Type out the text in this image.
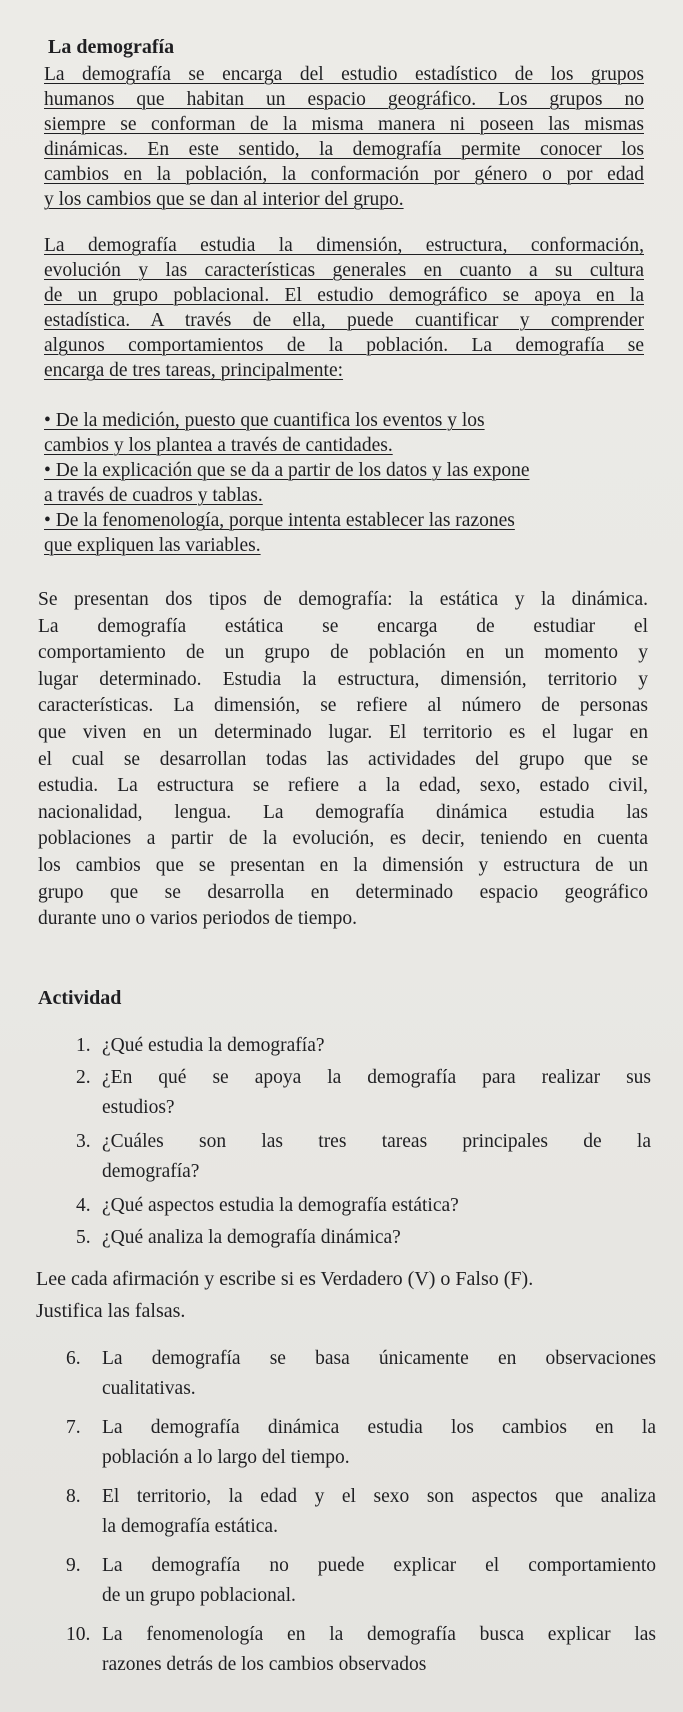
La demografía
La demografía se encarga del estudio estadístico de los grupos
humanos que habitan un espacio geográfico. Los grupos no
siempre se conforman de la misma manera ni poseen las mismas
dinámicas. En este sentido, la demografía permite conocer los
cambios en la población, la conformación por género o por edad
y los cambios que se dan al interior del grupo.
La demografía estudia la dimensión, estructura, conformación,
evolución y las características generales en cuanto a su cultura
de un grupo poblacional. El estudio demográfico se apoya en la
estadística. A través de ella, puede cuantificar y comprender
algunos comportamientos de la población. La demografía se
encarga de tres tareas, principalmente:
• De la medición, puesto que cuantifica los eventos y los
cambios y los plantea a través de cantidades.
• De la explicación que se da a partir de los datos y las expone
a través de cuadros y tablas.
• De la fenomenología, porque intenta establecer las razones
que expliquen las variables.
Se presentan dos tipos de demografía: la estática y la dinámica.
La demografía estática se encarga de estudiar el
comportamiento de un grupo de población en un momento y
lugar determinado. Estudia la estructura, dimensión, territorio y
características. La dimensión, se refiere al número de personas
que viven en un determinado lugar. El territorio es el lugar en
el cual se desarrollan todas las actividades del grupo que se
estudia. La estructura se refiere a la edad, sexo, estado civil,
nacionalidad, lengua. La demografía dinámica estudia las
poblaciones a partir de la evolución, es decir, teniendo en cuenta
los cambios que se presentan en la dimensión y estructura de un
grupo que se desarrolla en determinado espacio geográfico
durante uno o varios periodos de tiempo.
Actividad
1. ¿Qué estudia la demografía?
2. ¿En qué se apoya la demografía para realizar sus
estudios?
3. ¿Cuáles son las tres tareas principales de la
demografía?
4. ¿Qué aspectos estudia la demografía estática?
5. ¿Qué analiza la demografía dinámica?
Lee cada afirmación y escribe si es Verdadero (V) o Falso (F).
Justifica las falsas.
6.	La demografía se basa únicamente en observaciones
cualitativas.
7.	La demografía dinámica estudia los cambios en la
población a lo largo del tiempo.
8.	El territorio, la edad y el sexo son aspectos que analiza
la demografía estática.
9.	La demografía no puede explicar el comportamiento
de un grupo poblacional.
10. La fenomenología en la demografía busca explicar las
razones detrás de los cambios observados
